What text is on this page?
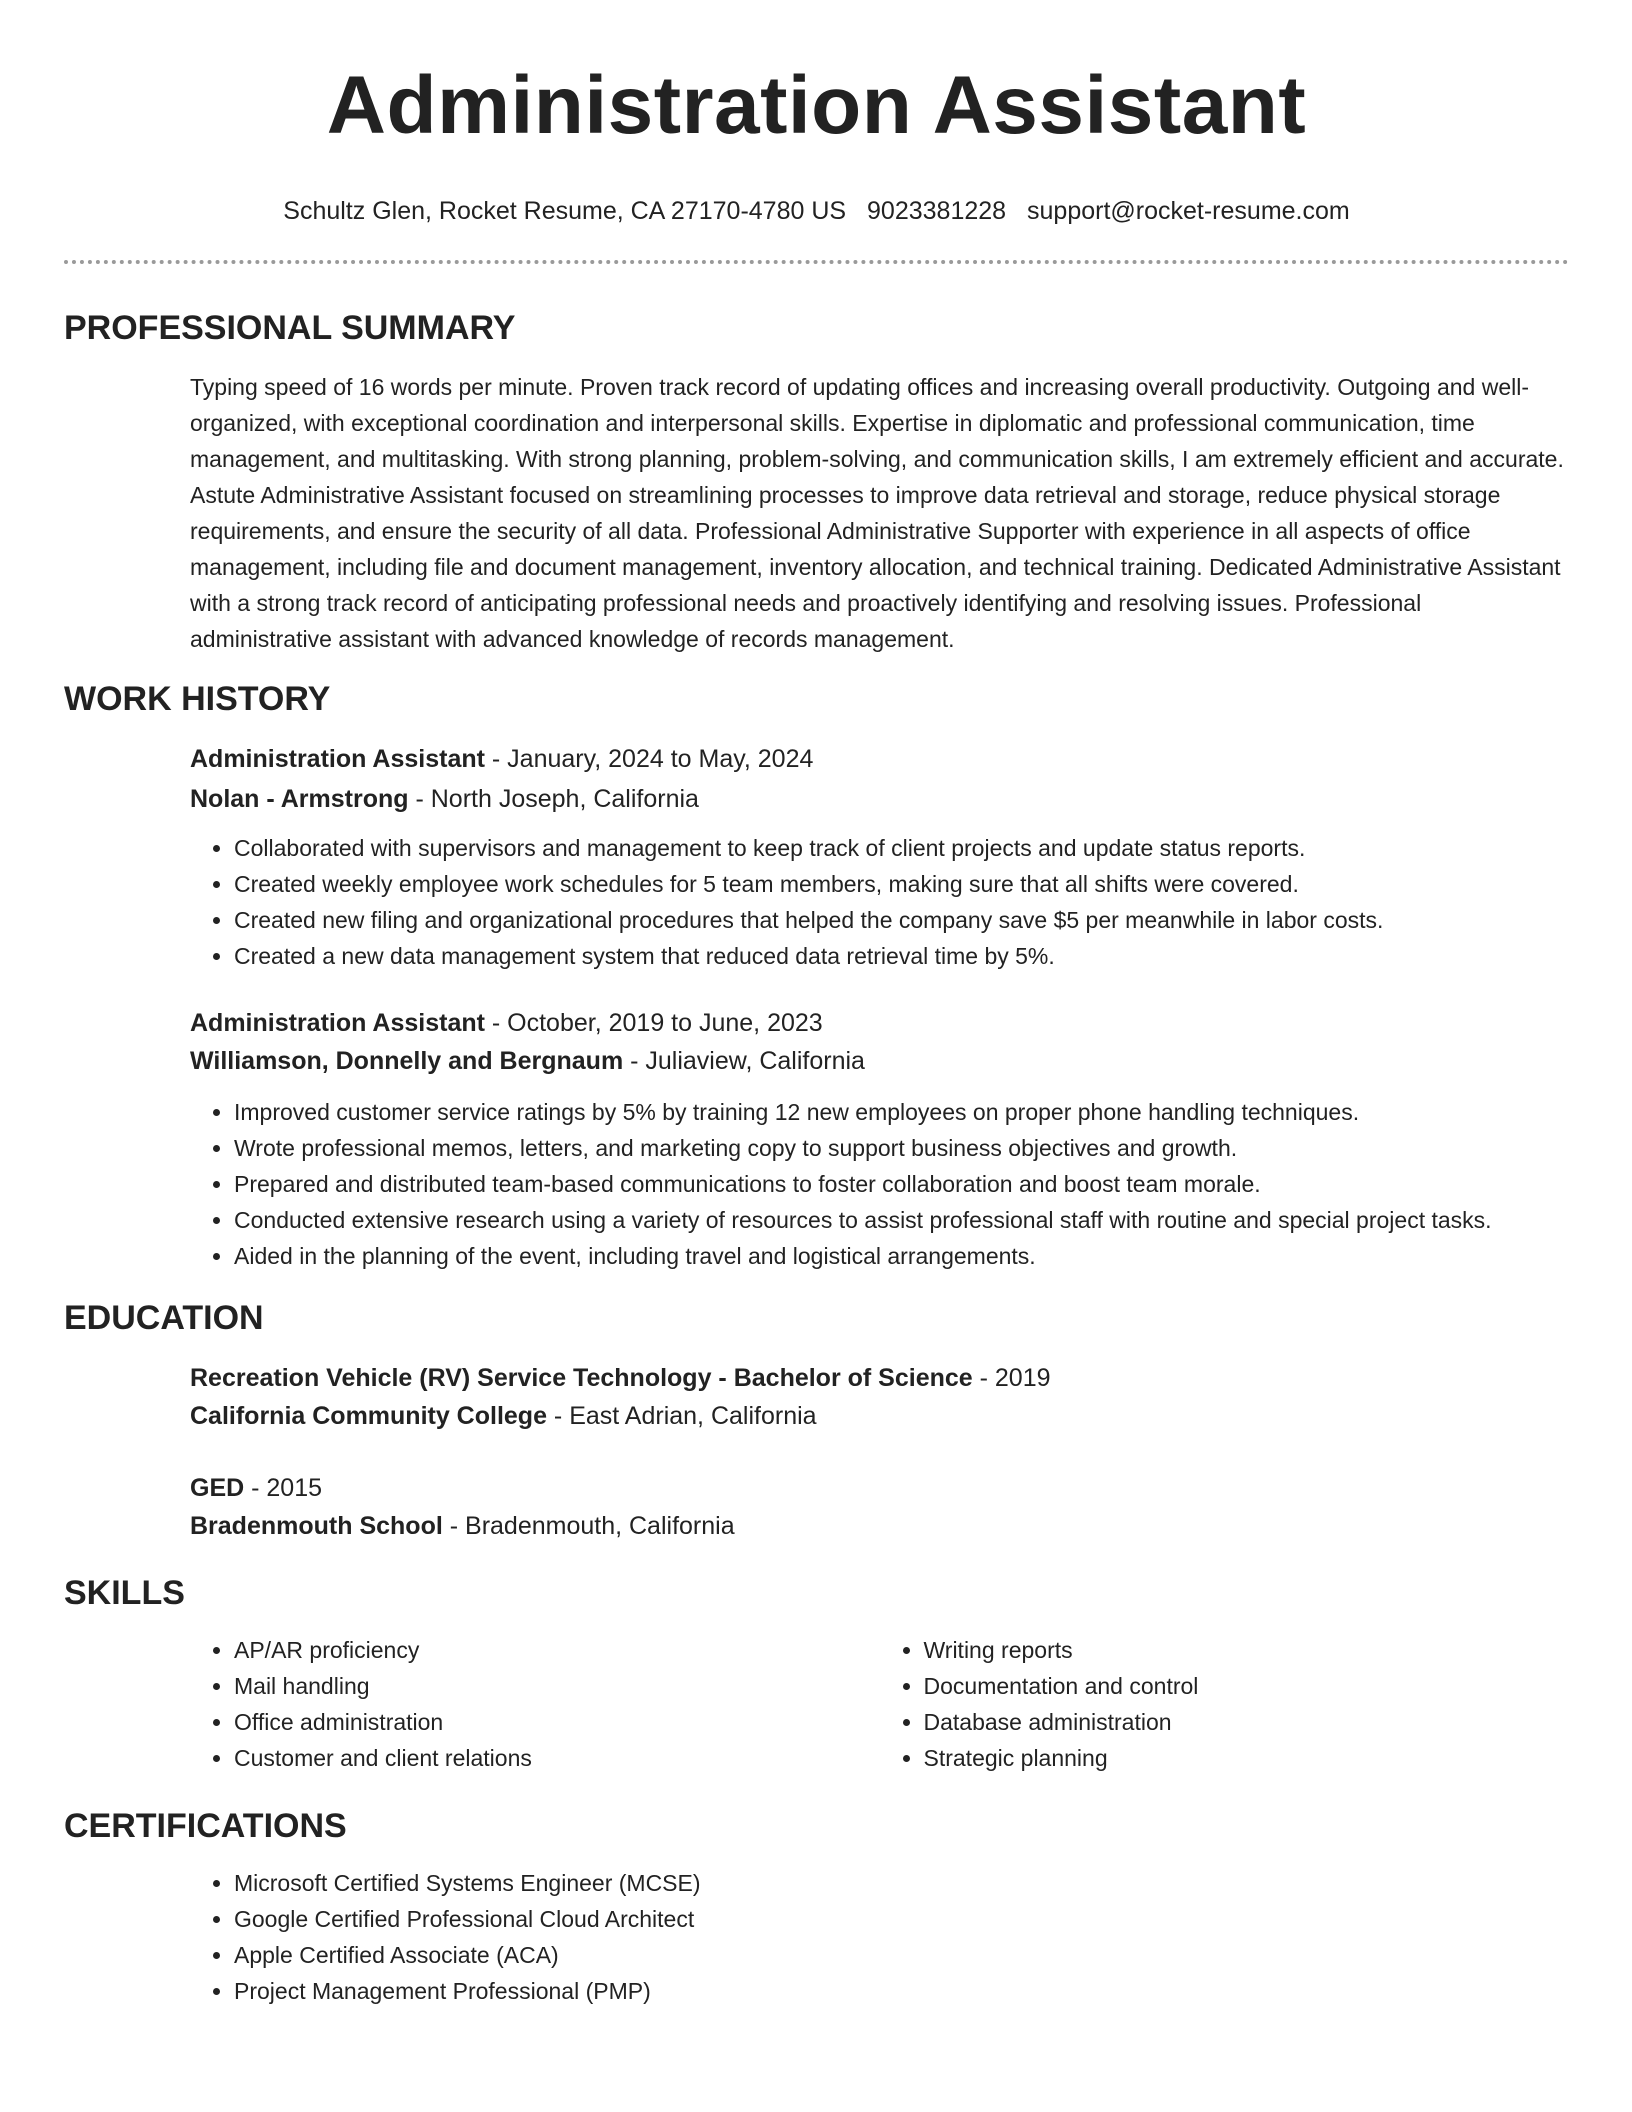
Administration Assistant
Schultz Glen, Rocket Resume, CA 27170-4780 US 9023381228 support@rocket-resume.com
PROFESSIONAL SUMMARY

Typing speed of 16 words per minute. Proven track record of updating offices and increasing overall productivity. Outgoing and well-organized, with exceptional coordination and interpersonal skills. Expertise in diplomatic and professional communication, time management, and multitasking. With strong planning, problem-solving, and communication skills, I am extremely efficient and accurate. Astute Administrative Assistant focused on streamlining processes to improve data retrieval and storage, reduce physical storage requirements, and ensure the security of all data. Professional Administrative Supporter with experience in all aspects of office management, including file and document management, inventory allocation, and technical training. Dedicated Administrative Assistant with a strong track record of anticipating professional needs and proactively identifying and resolving issues. Professional administrative assistant with advanced knowledge of records management.

WORK HISTORY
Administration Assistant - January, 2024 to May, 2024
Nolan - Armstrong - North Joseph, California
• Collaborated with supervisors and management to keep track of client projects and update status reports.
• Created weekly employee work schedules for 5 team members, making sure that all shifts were covered.
• Created new filing and organizational procedures that helped the company save $5 per meanwhile in labor costs.
• Created a new data management system that reduced data retrieval time by 5%.
Administration Assistant - October, 2019 to June, 2023
Williamson, Donnelly and Bergnaum - Juliaview, California
• Improved customer service ratings by 5% by training 12 new employees on proper phone handling techniques.
• Wrote professional memos, letters, and marketing copy to support business objectives and growth.
• Prepared and distributed team-based communications to foster collaboration and boost team morale.
• Conducted extensive research using a variety of resources to assist professional staff with routine and special project tasks.
• Aided in the planning of the event, including travel and logistical arrangements.
EDUCATION
Recreation Vehicle (RV) Service Technology - Bachelor of Science - 2019
California Community College - East Adrian, California
GED - 2015
Bradenmouth School - Bradenmouth, California
SKILLS
• AP/AR proficiency
• Mail handling
• Office administration
• Customer and client relations
• Writing reports
• Documentation and control
• Database administration
• Strategic planning
CERTIFICATIONS
• Microsoft Certified Systems Engineer (MCSE)
• Google Certified Professional Cloud Architect
• Apple Certified Associate (ACA)
• Project Management Professional (PMP)
